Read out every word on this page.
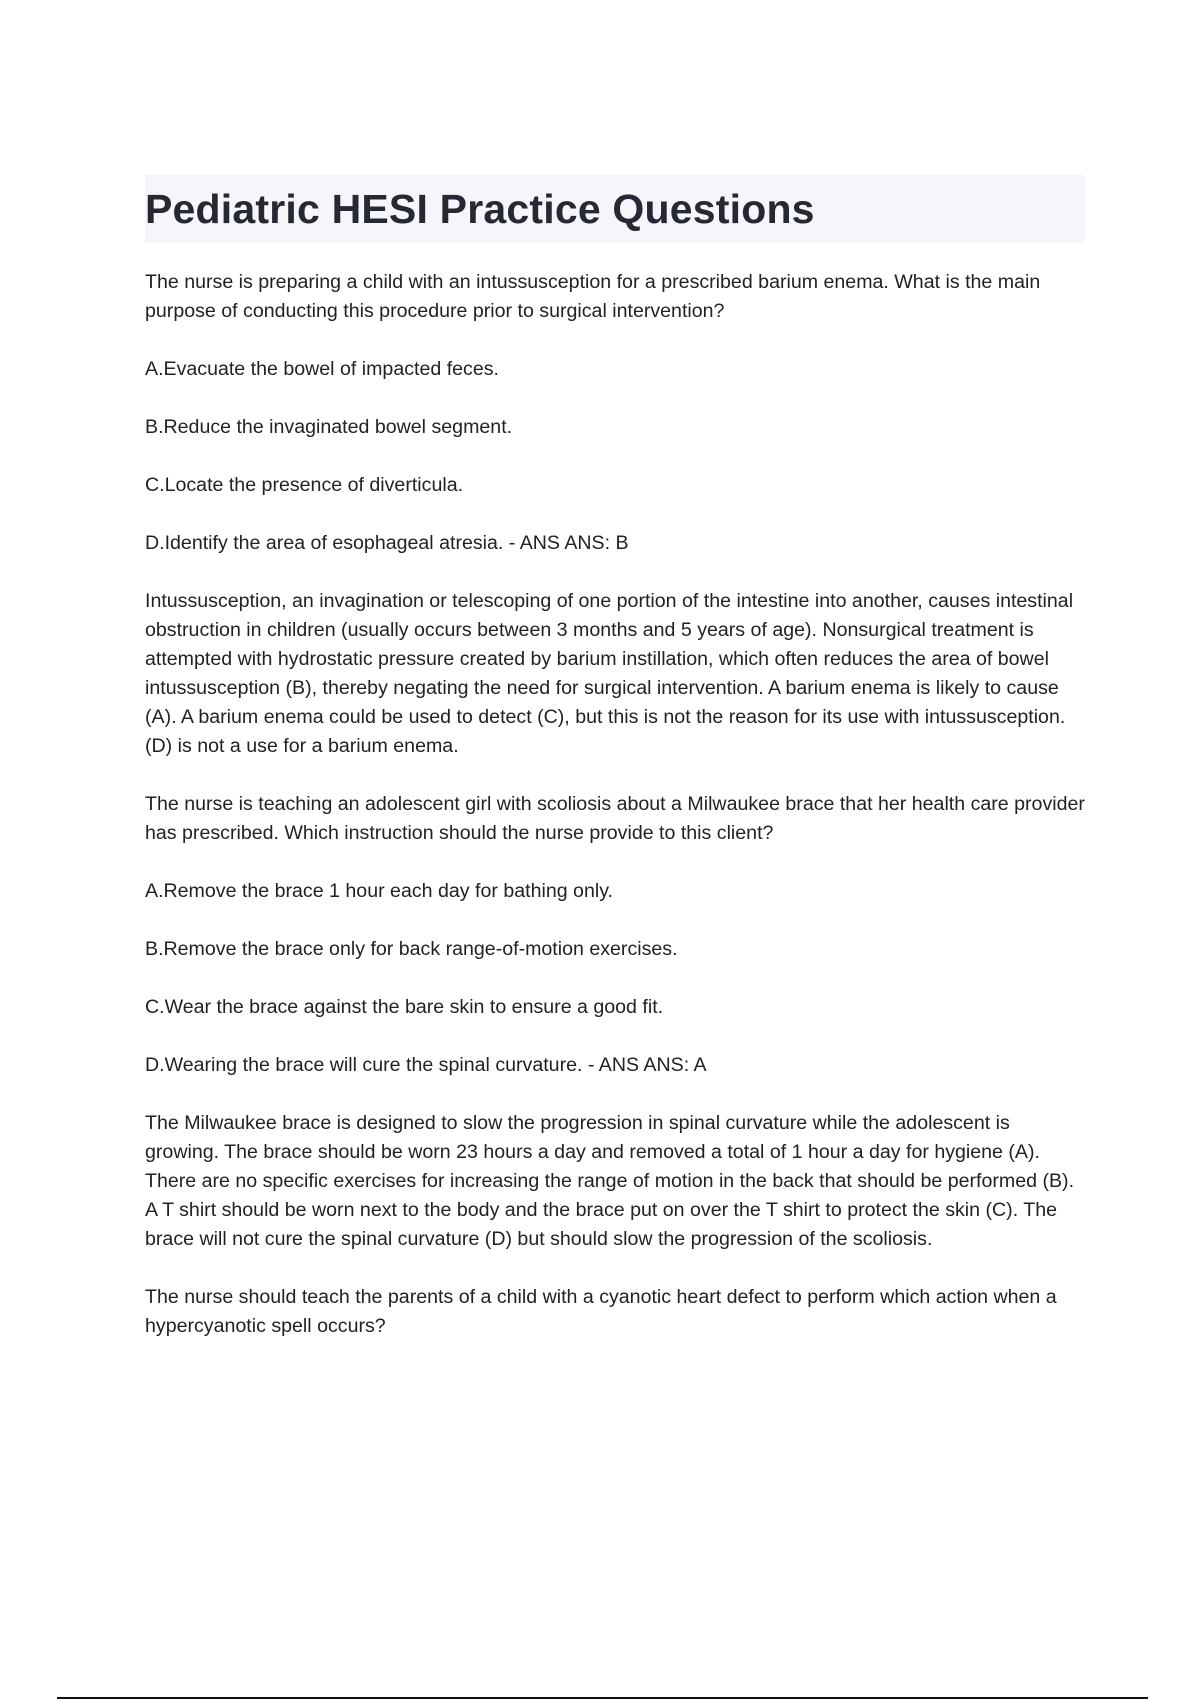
Pediatric HESI Practice Questions

The nurse is preparing a child with an intussusception for a prescribed barium enema. What is the main purpose of conducting this procedure prior to surgical intervention?

A.Evacuate the bowel of impacted feces.

B.Reduce the invaginated bowel segment.

C.Locate the presence of diverticula.

D.Identify the area of esophageal atresia. - ANS ANS: B

Intussusception, an invagination or telescoping of one portion of the intestine into another, causes intestinal obstruction in children (usually occurs between 3 months and 5 years of age). Nonsurgical treatment is attempted with hydrostatic pressure created by barium instillation, which often reduces the area of bowel intussusception (B), thereby negating the need for surgical intervention. A barium enema is likely to cause (A). A barium enema could be used to detect (C), but this is not the reason for its use with intussusception. (D) is not a use for a barium enema.

The nurse is teaching an adolescent girl with scoliosis about a Milwaukee brace that her health care provider has prescribed. Which instruction should the nurse provide to this client?

A.Remove the brace 1 hour each day for bathing only.

B.Remove the brace only for back range-of-motion exercises.

C.Wear the brace against the bare skin to ensure a good fit.

D.Wearing the brace will cure the spinal curvature. - ANS ANS: A

The Milwaukee brace is designed to slow the progression in spinal curvature while the adolescent is growing. The brace should be worn 23 hours a day and removed a total of 1 hour a day for hygiene (A). There are no specific exercises for increasing the range of motion in the back that should be performed (B). A T shirt should be worn next to the body and the brace put on over the T shirt to protect the skin (C). The brace will not cure the spinal curvature (D) but should slow the progression of the scoliosis.

The nurse should teach the parents of a child with a cyanotic heart defect to perform which action when a hypercyanotic spell occurs?
